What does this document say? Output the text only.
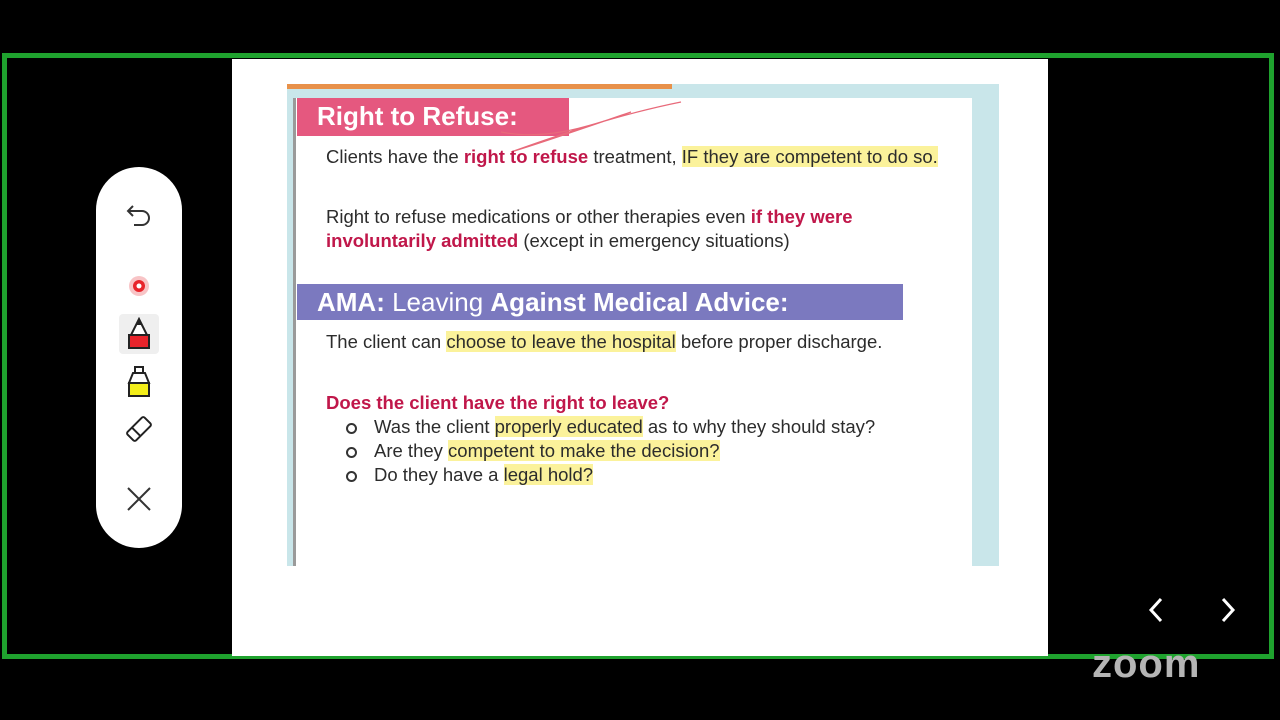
Right to Refuse:
Clients have the right to refuse treatment, IF they are competent to do so.
Right to refuse medications or other therapies even if they were involuntarily admitted (except in emergency situations)
AMA: Leaving Against Medical Advice:
The client can choose to leave the hospital before proper discharge.
Does the client have the right to leave?
Was the client properly educated as to why they should stay?
Are they competent to make the decision?
Do they have a legal hold?
zoom
